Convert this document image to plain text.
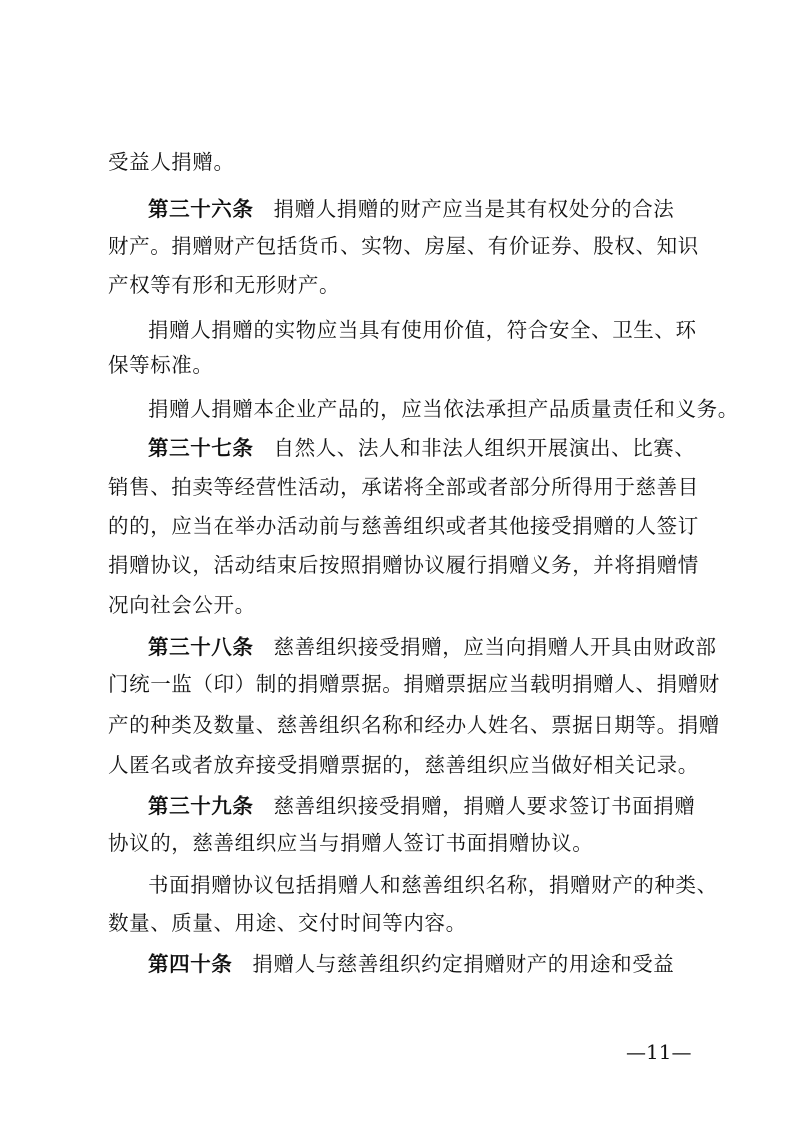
受益人捐赠。
第三十六条 捐赠人捐赠的财产应当是其有权处分的合法
财产。捐赠财产包括货币、实物、房屋、有价证券、股权、知识
产权等有形和无形财产。
捐赠人捐赠的实物应当具有使用价值，符合安全、卫生、环
保等标准。
捐赠人捐赠本企业产品的，应当依法承担产品质量责任和义务。
第三十七条 自然人、法人和非法人组织开展演出、比赛、
销售、拍卖等经营性活动，承诺将全部或者部分所得用于慈善目
的的，应当在举办活动前与慈善组织或者其他接受捐赠的人签订
捐赠协议，活动结束后按照捐赠协议履行捐赠义务，并将捐赠情
况向社会公开。
第三十八条 慈善组织接受捐赠，应当向捐赠人开具由财政部
门统一监（印）制的捐赠票据。捐赠票据应当载明捐赠人、捐赠财
产的种类及数量、慈善组织名称和经办人姓名、票据日期等。捐赠
人匿名或者放弃接受捐赠票据的，慈善组织应当做好相关记录。
第三十九条 慈善组织接受捐赠，捐赠人要求签订书面捐赠
协议的，慈善组织应当与捐赠人签订书面捐赠协议。
书面捐赠协议包括捐赠人和慈善组织名称，捐赠财产的种类、
数量、质量、用途、交付时间等内容。
第四十条 捐赠人与慈善组织约定捐赠财产的用途和受益
—11—
